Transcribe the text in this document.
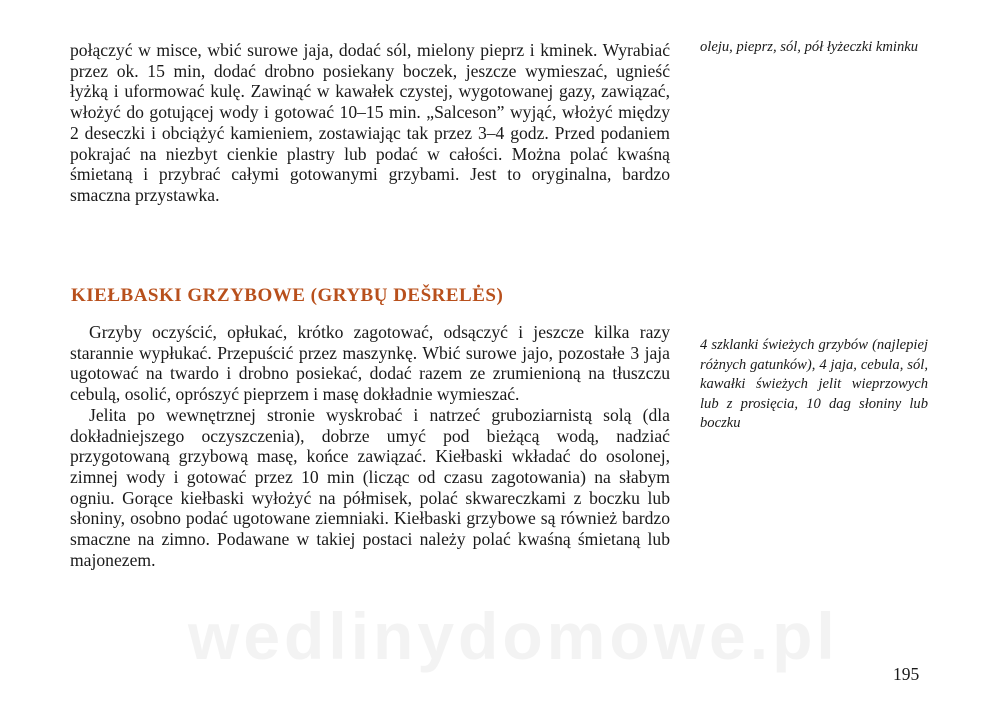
połączyć w misce, wbić surowe jaja, dodać sól, mielony pieprz i kminek. Wyrabiać przez ok. 15 min, dodać drobno posiekany boczek, jeszcze wymieszać, ugnieść łyżką i uformować kulę. Zawinąć w kawałek czystej, wygotowanej gazy, zawiązać, włożyć do gotującej wody i gotować 10–15 min. „Salceson” wyjąć, włożyć między 2 deseczki i obciążyć kamieniem, zostawiając tak przez 3–4 godz. Przed podaniem pokrajać na niezbyt cienkie plastry lub podać w całości. Można polać kwaśną śmietaną i przybrać całymi gotowanymi grzybami. Jest to oryginalna, bardzo smaczna przystawka.

oleju, pieprz, sól, pół łyżeczki kminku

KIEŁBASKI GRZYBOWE (GRYBŲ DEŠRELĖS)

Grzyby oczyścić, opłukać, krótko zagotować, odsączyć i jeszcze kilka razy starannie wypłukać. Przepuścić przez maszynkę. Wbić surowe jajo, pozostałe 3 jaja ugotować na twardo i drobno posiekać, dodać razem ze zrumienioną na tłuszczu cebulą, osolić, oprószyć pieprzem i masę dokładnie wymieszać.

Jelita po wewnętrznej stronie wyskrobać i natrzeć gruboziarnistą solą (dla dokładniejszego oczyszczenia), dobrze umyć pod bieżącą wodą, nadziać przygotowaną grzybową masę, końce zawiązać. Kiełbaski wkładać do osolonej, zimnej wody i gotować przez 10 min (licząc od czasu zagotowania) na słabym ogniu. Gorące kiełbaski wyłożyć na półmisek, polać skwareczkami z boczku lub słoniny, osobno podać ugotowane ziemniaki. Kiełbaski grzybowe są również bardzo smaczne na zimno. Podawane w takiej postaci należy polać kwaśną śmietaną lub majonezem.

4 szklanki świeżych grzybów (najlepiej różnych gatunków), 4 jaja, cebula, sól, kawałki świeżych jelit wieprzowych lub z prosięcia, 10 dag słoniny lub boczku

wedlinydomowe.pl

195
